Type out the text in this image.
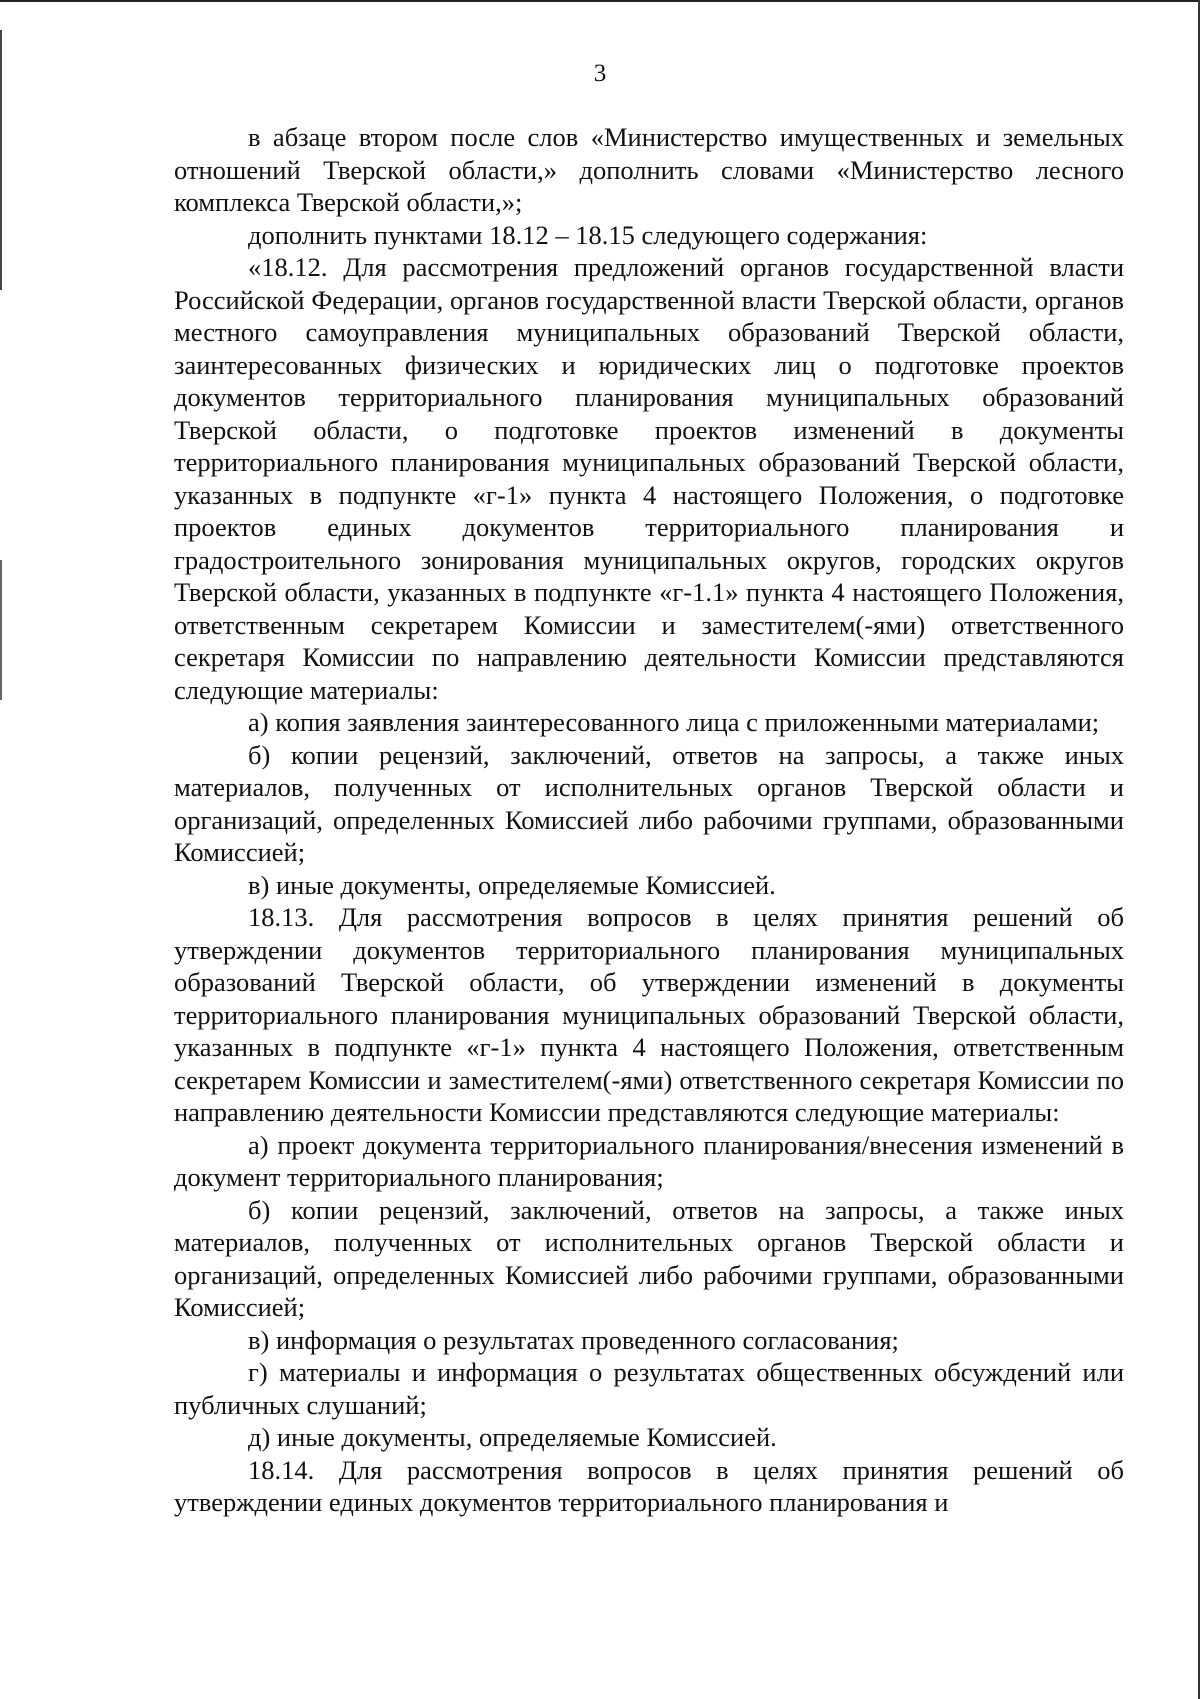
3

в абзаце втором после слов «Министерство имущественных и земельных отношений Тверской области,» дополнить словами «Министерство лесного комплекса Тверской области,»;

дополнить пунктами 18.12 – 18.15 следующего содержания:

«18.12. Для рассмотрения предложений органов государственной власти Российской Федерации, органов государственной власти Тверской области, органов местного самоуправления муниципальных образований Тверской области, заинтересованных физических и юридических лиц о подготовке проектов документов территориального планирования муниципальных образований Тверской области, о подготовке проектов изменений в документы территориального планирования муниципальных образований Тверской области, указанных в подпункте «г-1» пункта 4 настоящего Положения, о подготовке проектов единых документов территориального планирования и градостроительного зонирования муниципальных округов, городских округов Тверской области, указанных в подпункте «г-1.1» пункта 4 настоящего Положения, ответственным секретарем Комиссии и заместителем(-ями) ответственного секретаря Комиссии по направлению деятельности Комиссии представляются следующие материалы:

а) копия заявления заинтересованного лица с приложенными материалами;

б) копии рецензий, заключений, ответов на запросы, а также иных материалов, полученных от исполнительных органов Тверской области и организаций, определенных Комиссией либо рабочими группами, образованными Комиссией;

в) иные документы, определяемые Комиссией.

18.13. Для рассмотрения вопросов в целях принятия решений об утверждении документов территориального планирования муниципальных образований Тверской области, об утверждении изменений в документы территориального планирования муниципальных образований Тверской области, указанных в подпункте «г-1» пункта 4 настоящего Положения, ответственным секретарем Комиссии и заместителем(-ями) ответственного секретаря Комиссии по направлению деятельности Комиссии представляются следующие материалы:

а) проект документа территориального планирования/внесения изменений в документ территориального планирования;

б) копии рецензий, заключений, ответов на запросы, а также иных материалов, полученных от исполнительных органов Тверской области и организаций, определенных Комиссией либо рабочими группами, образованными Комиссией;

в) информация о результатах проведенного согласования;

г) материалы и информация о результатах общественных обсуждений или публичных слушаний;

д) иные документы, определяемые Комиссией.

18.14. Для рассмотрения вопросов в целях принятия решений об утверждении единых документов территориального планирования и
